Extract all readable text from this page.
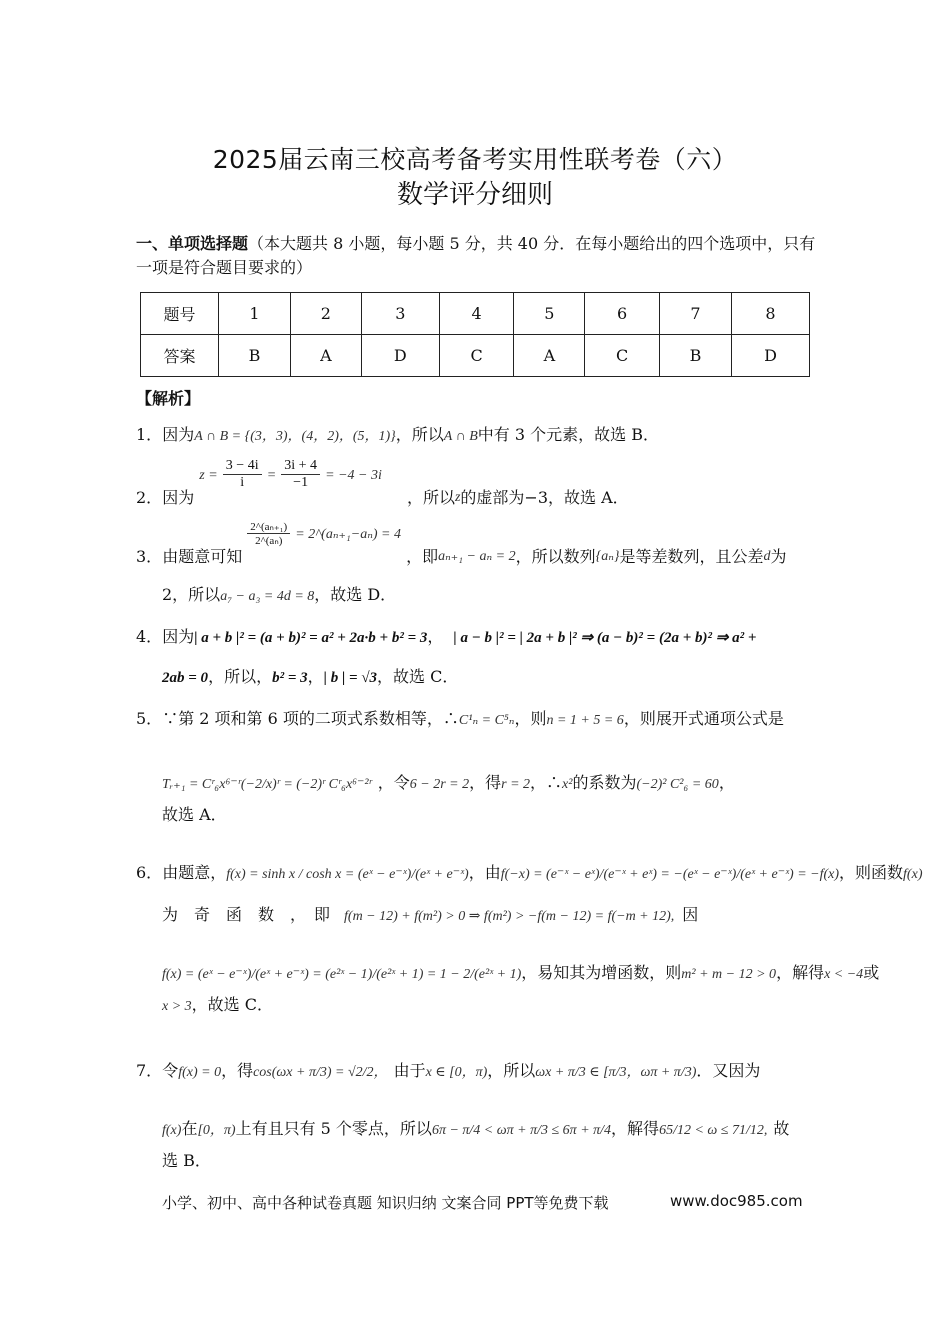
2025届云南三校高考备考实用性联考卷（六）
数学评分细则
一、单项选择题（本大题共 8 小题，每小题 5 分，共 40 分．在每小题给出的四个选项中，只有一项是符合题目要求的）
题号	1	2	3	4	5	6	7	8
答案	B	A	D	C	A	C	B	D
【解析】
1．因为A ∩ B = {(3，3)，(4，2)，(5，1)}，所以A ∩ B中有 3 个元素，故选 B．
2．因为 $z = \frac{3 - 4i}{i} = \frac{3i + 4}{-1} = -4 - 3i$ ，所以z的虚部为−3，故选 A．
3．由题意可知
$\frac{\text{2\textasciicircum{}(aₙ₊₁)}}{\text{2\textasciicircum{}(aₙ)}}$ = 2^(aₙ₊₁−aₙ) = 4 ，即aₙ₊₁ − aₙ = 2，所以数列{aₙ}是等差数列，且公差d为
2，所以a₇ − a₃ = 4d = 8，故选 D．
4．因为| a + b |² = (a + b)² = a² + 2a·b + b² = 3， | a − b |² = | 2a + b |² ⇒ (a − b)² = (2a + b)² ⇒ a² +
2ab = 0，所以，b² = 3，| b | = √3，故选 C．
5．∵第 2 项和第 6 项的二项式系数相等，∴C¹ₙ = C⁵ₙ，则n = 1 + 5 = 6，则展开式通项公式是
Tᵣ₊₁ = Cʳ₆x⁶⁻ʳ(−2/x)ʳ = (−2)ʳ Cʳ₆x⁶⁻²ʳ ，令6 − 2r = 2，得r = 2，∴x²的系数为(−2)² C²₆ = 60，
故选 A．
6．由题意，f(x) = sinh x / cosh x = (eˣ − e⁻ˣ)/(eˣ + e⁻ˣ)，由f(−x) = (e⁻ˣ − eˣ)/(e⁻ˣ + eˣ) = −(eˣ − e⁻ˣ)/(eˣ + e⁻ˣ) = −f(x)，则函数f(x)
为　奇　函　数　，　即 f(m − 12) + f(m²) > 0 ⇒ f(m²) > −f(m − 12) = f(−m + 12), 因
f(x) = (eˣ − e⁻ˣ)/(eˣ + e⁻ˣ) = (e²ˣ − 1)/(e²ˣ + 1) = 1 − 2/(e²ˣ + 1)，易知其为增函数，则m² + m − 12 > 0，解得x < −4或
x > 3，故选 C．
7．令f(x) = 0，得cos(ωx + π/3) = √2/2， 由于x ∈ [0，π)，所以ωx + π/3 ∈ [π/3，ωπ + π/3)．又因为
f(x)在[0，π)上有且只有 5 个零点，所以6π − π/4 < ωπ + π/3 ≤ 6π + π/4，解得65/12 < ω ≤ 71/12, 故
选 B．
小学、初中、高中各种试卷真题 知识归纳 文案合同 PPT等免费下载	www.doc985.com
